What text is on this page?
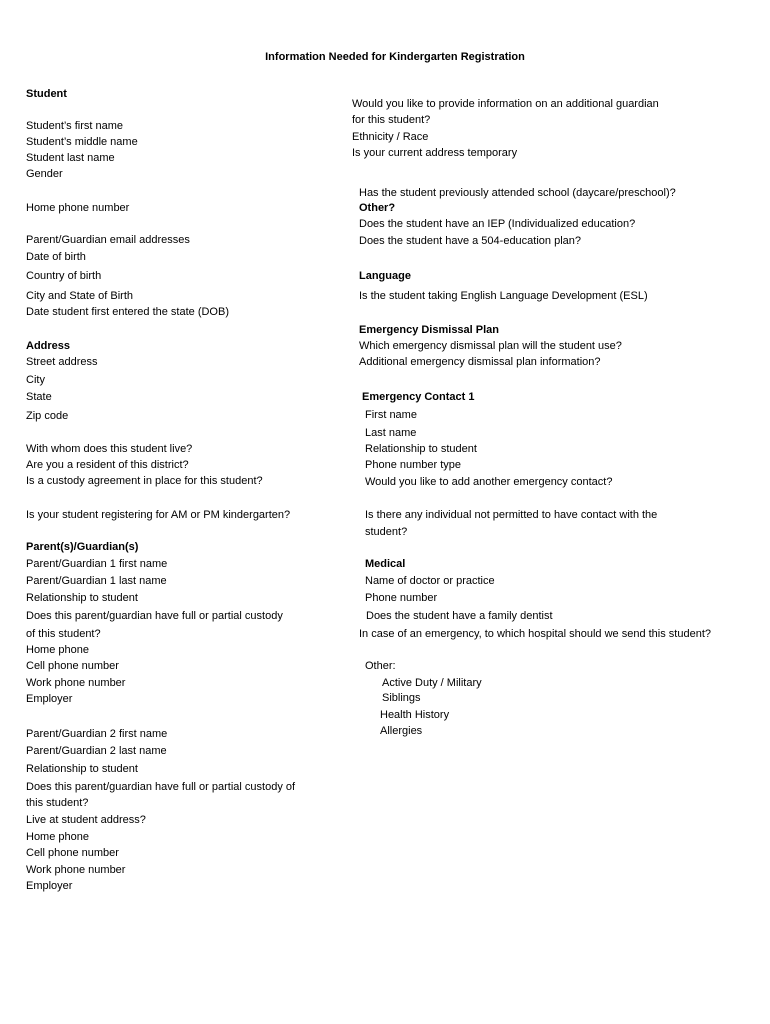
Information Needed for Kindergarten Registration
Student
Student’s first name
Student’s middle name
Student last name
Gender
Home phone number
Parent/Guardian email addresses
Date of birth
Country of birth
City and State of Birth
Date student first entered the state (DOB)
Address
Street address
City
State
Zip code
With whom does this student live?
Are you a resident of this district?
Is a custody agreement in place for this student?
Is your student registering for AM or PM kindergarten?
Parent(s)/Guardian(s)
Parent/Guardian 1 first name
Parent/Guardian 1 last name
Relationship to student
Does this parent/guardian have full or partial custody
of this student?
Home phone
Cell phone number
Work phone number
Employer
Parent/Guardian 2 first name
Parent/Guardian 2 last name
Relationship to student
Does this parent/guardian have full or partial custody of
this student?
Live at student address?
Home phone
Cell phone number
Work phone number
Employer
Would you like to provide information on an additional guardian
for this student?
Ethnicity / Race
Is your current address temporary
Has the student previously attended school (daycare/preschool)?
Other?
Does the student have an IEP (Individualized education?
Does the student have a 504-education plan?
Language
Is the student taking English Language Development (ESL)
Emergency Dismissal Plan
Which emergency dismissal plan will the student use?
Additional emergency dismissal plan information?
Emergency Contact 1
First name
Last name
Relationship to student
Phone number type
Would you like to add another emergency contact?
Is there any individual not permitted to have contact with the
student?
Medical
Name of doctor or practice
Phone number
Does the student have a family dentist
In case of an emergency, to which hospital should we send this student?
Other:
Active Duty / Military
Siblings
Health History
Allergies
